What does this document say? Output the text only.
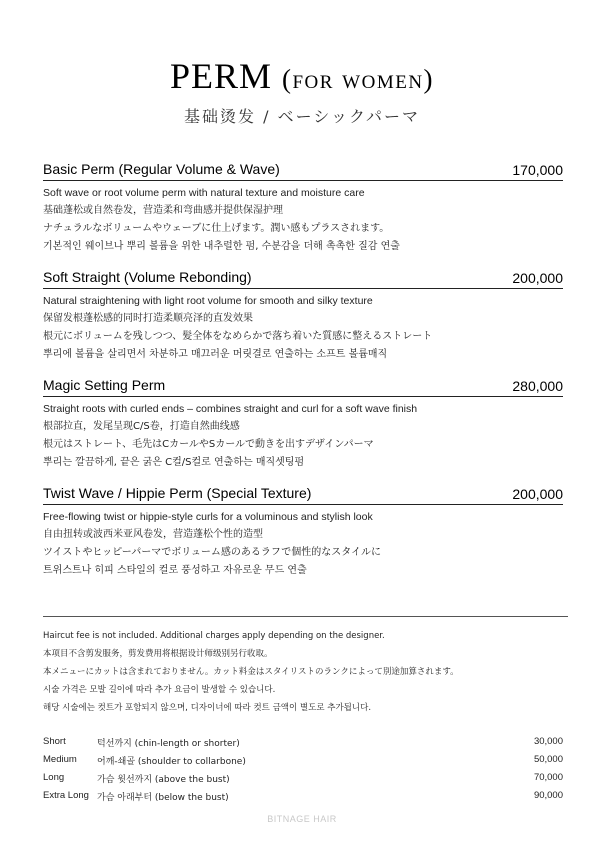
PERM (for women)
基础烫发 / ベーシックパーマ
Basic Perm (Regular Volume & Wave)	170,000
Soft wave or root volume perm with natural texture and moisture care
基础蓬松或自然卷发，营造柔和弯曲感并提供保湿护理
ナチュラルなボリュームやウェーブに仕上げます。潤い感もプラスされます。
기본적인 웨이브나 뿌리 볼륨을 위한 내추럴한 펌, 수분감을 더해 촉촉한 질감 연출
Soft Straight (Volume Rebonding)	200,000
Natural straightening with light root volume for smooth and silky texture
保留发根蓬松感的同时打造柔顺亮泽的直发效果
根元にボリュームを残しつつ、髪全体をなめらかで落ち着いた質感に整えるストレート
뿌리에 볼륨을 살리면서 차분하고 매끄러운 머릿결로 연출하는 소프트 볼륨매직
Magic Setting Perm	280,000
Straight roots with curled ends – combines straight and curl for a soft wave finish
根部拉直，发尾呈现C/S卷，打造自然曲线感
根元はストレート、毛先はCカールやSカールで動きを出すデザインパーマ
뿌리는 깔끔하게, 끝은 굵은 C컬/S컬로 연출하는 매직셋팅펌
Twist Wave / Hippie Perm (Special Texture)	200,000
Free-flowing twist or hippie-style curls for a voluminous and stylish look
自由扭转或波西米亚风卷发，营造蓬松个性的造型
ツイストやヒッピーパーマでボリューム感のあるラフで個性的なスタイルに
트위스트나 히피 스타일의 컬로 풍성하고 자유로운 무드 연출
Haircut fee is not included. Additional charges apply depending on the designer.
本项目不含剪发服务，剪发费用将根据设计师级别另行收取。
本メニューにカットは含まれておりません。カット料金はスタイリストのランクによって別途加算されます。
시술 가격은 모발 길이에 따라 추가 요금이 발생할 수 있습니다.
해당 시술에는 컷트가 포함되지 않으며, 디자이너에 따라 컷트 금액이 별도로 추가됩니다.
Short	턱선까지 (chin-length or shorter)	30,000
Medium 어깨-쇄골 (shoulder to collarbone)	50,000
Long	가슴 윗선까지 (above the bust)	70,000
Extra Long 가슴 아래부터 (below the bust)	90,000
BITNAGE HAIR
